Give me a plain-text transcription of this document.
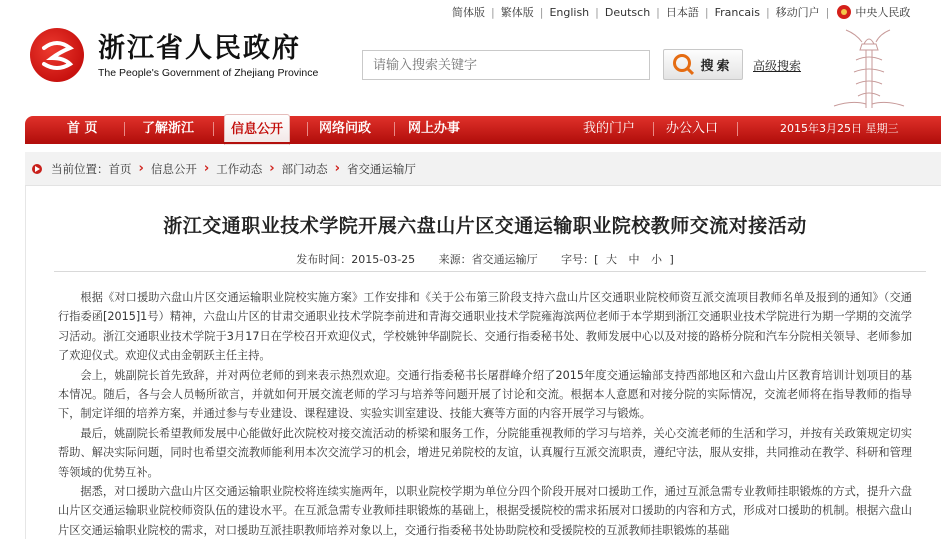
简体版 | 繁体版 | English | Deutsch | 日本語 | Francais | 移动门户 | 中央人民政
浙江省人民政府
The People's Government of Zhejiang Province
请输入搜索关键字	搜索 高级搜索
首 页	了解浙江	信息公开	网络问政	网上办事	我的门户 办公入口	2015年3月25日 星期三
当前位置： 首页 › 信息公开 › 工作动态 › 部门动态 › 省交通运输厅
浙江交通职业技术学院开展六盘山片区交通运输职业院校教师交流对接活动
发布时间：2015-03-25 来源：省交通运输厅 字号：[ 大 中 小 ]

根据《对口援助六盘山片区交通运输职业院校实施方案》工作安排和《关于公布第三阶段支持六盘山片区交通职业院校师资互派交流项目教师名单及报到的通知》（交通行指委函[2015]1号）精神，六盘山片区的甘肃交通职业技术学院李前进和青海交通职业技术学院雍海滨两位老师于本学期到浙江交通职业技术学院进行为期一学期的交流学习活动。浙江交通职业技术学院于3月17日在学校召开欢迎仪式，学校姚钟华副院长、交通行指委秘书处、教师发展中心以及对接的路桥分院和汽车分院相关领导、老师参加了欢迎仪式。欢迎仪式由金朝跃主任主持。

会上，姚副院长首先致辞，并对两位老师的到来表示热烈欢迎。交通行指委秘书长屠群峰介绍了2015年度交通运输部支持西部地区和六盘山片区教育培训计划项目的基本情况。随后，各与会人员畅所欲言，并就如何开展交流老师的学习与培养等问题开展了讨论和交流。根据本人意愿和对接分院的实际情况，交流老师将在指导教师的指导下，制定详细的培养方案，并通过参与专业建设、课程建设、实验实训室建设、技能大赛等方面的内容开展学习与锻炼。

最后，姚副院长希望教师发展中心能做好此次院校对接交流活动的桥梁和服务工作，分院能重视教师的学习与培养，关心交流老师的生活和学习，并按有关政策规定切实帮助、解决实际问题，同时也希望交流教师能利用本次交流学习的机会，增进兄弟院校的友谊，认真履行互派交流职责，遵纪守法，服从安排，共同推动在教学、科研和管理等领域的优势互补。

据悉，对口援助六盘山片区交通运输职业院校将连续实施两年，以职业院校学期为单位分四个阶段开展对口援助工作，通过互派急需专业教师挂职锻炼的方式，提升六盘山片区交通运输职业院校师资队伍的建设水平。在互派急需专业教师挂职锻炼的基础上，根据受援院校的需求拓展对口援助的内容和方式，形成对口援助的机制。根据六盘山片区交通运输职业院校的需求，对口援助互派挂职教师培养对象以上，交通行指委秘书处协助院校和受援院校的互派教师挂职锻炼的基础
